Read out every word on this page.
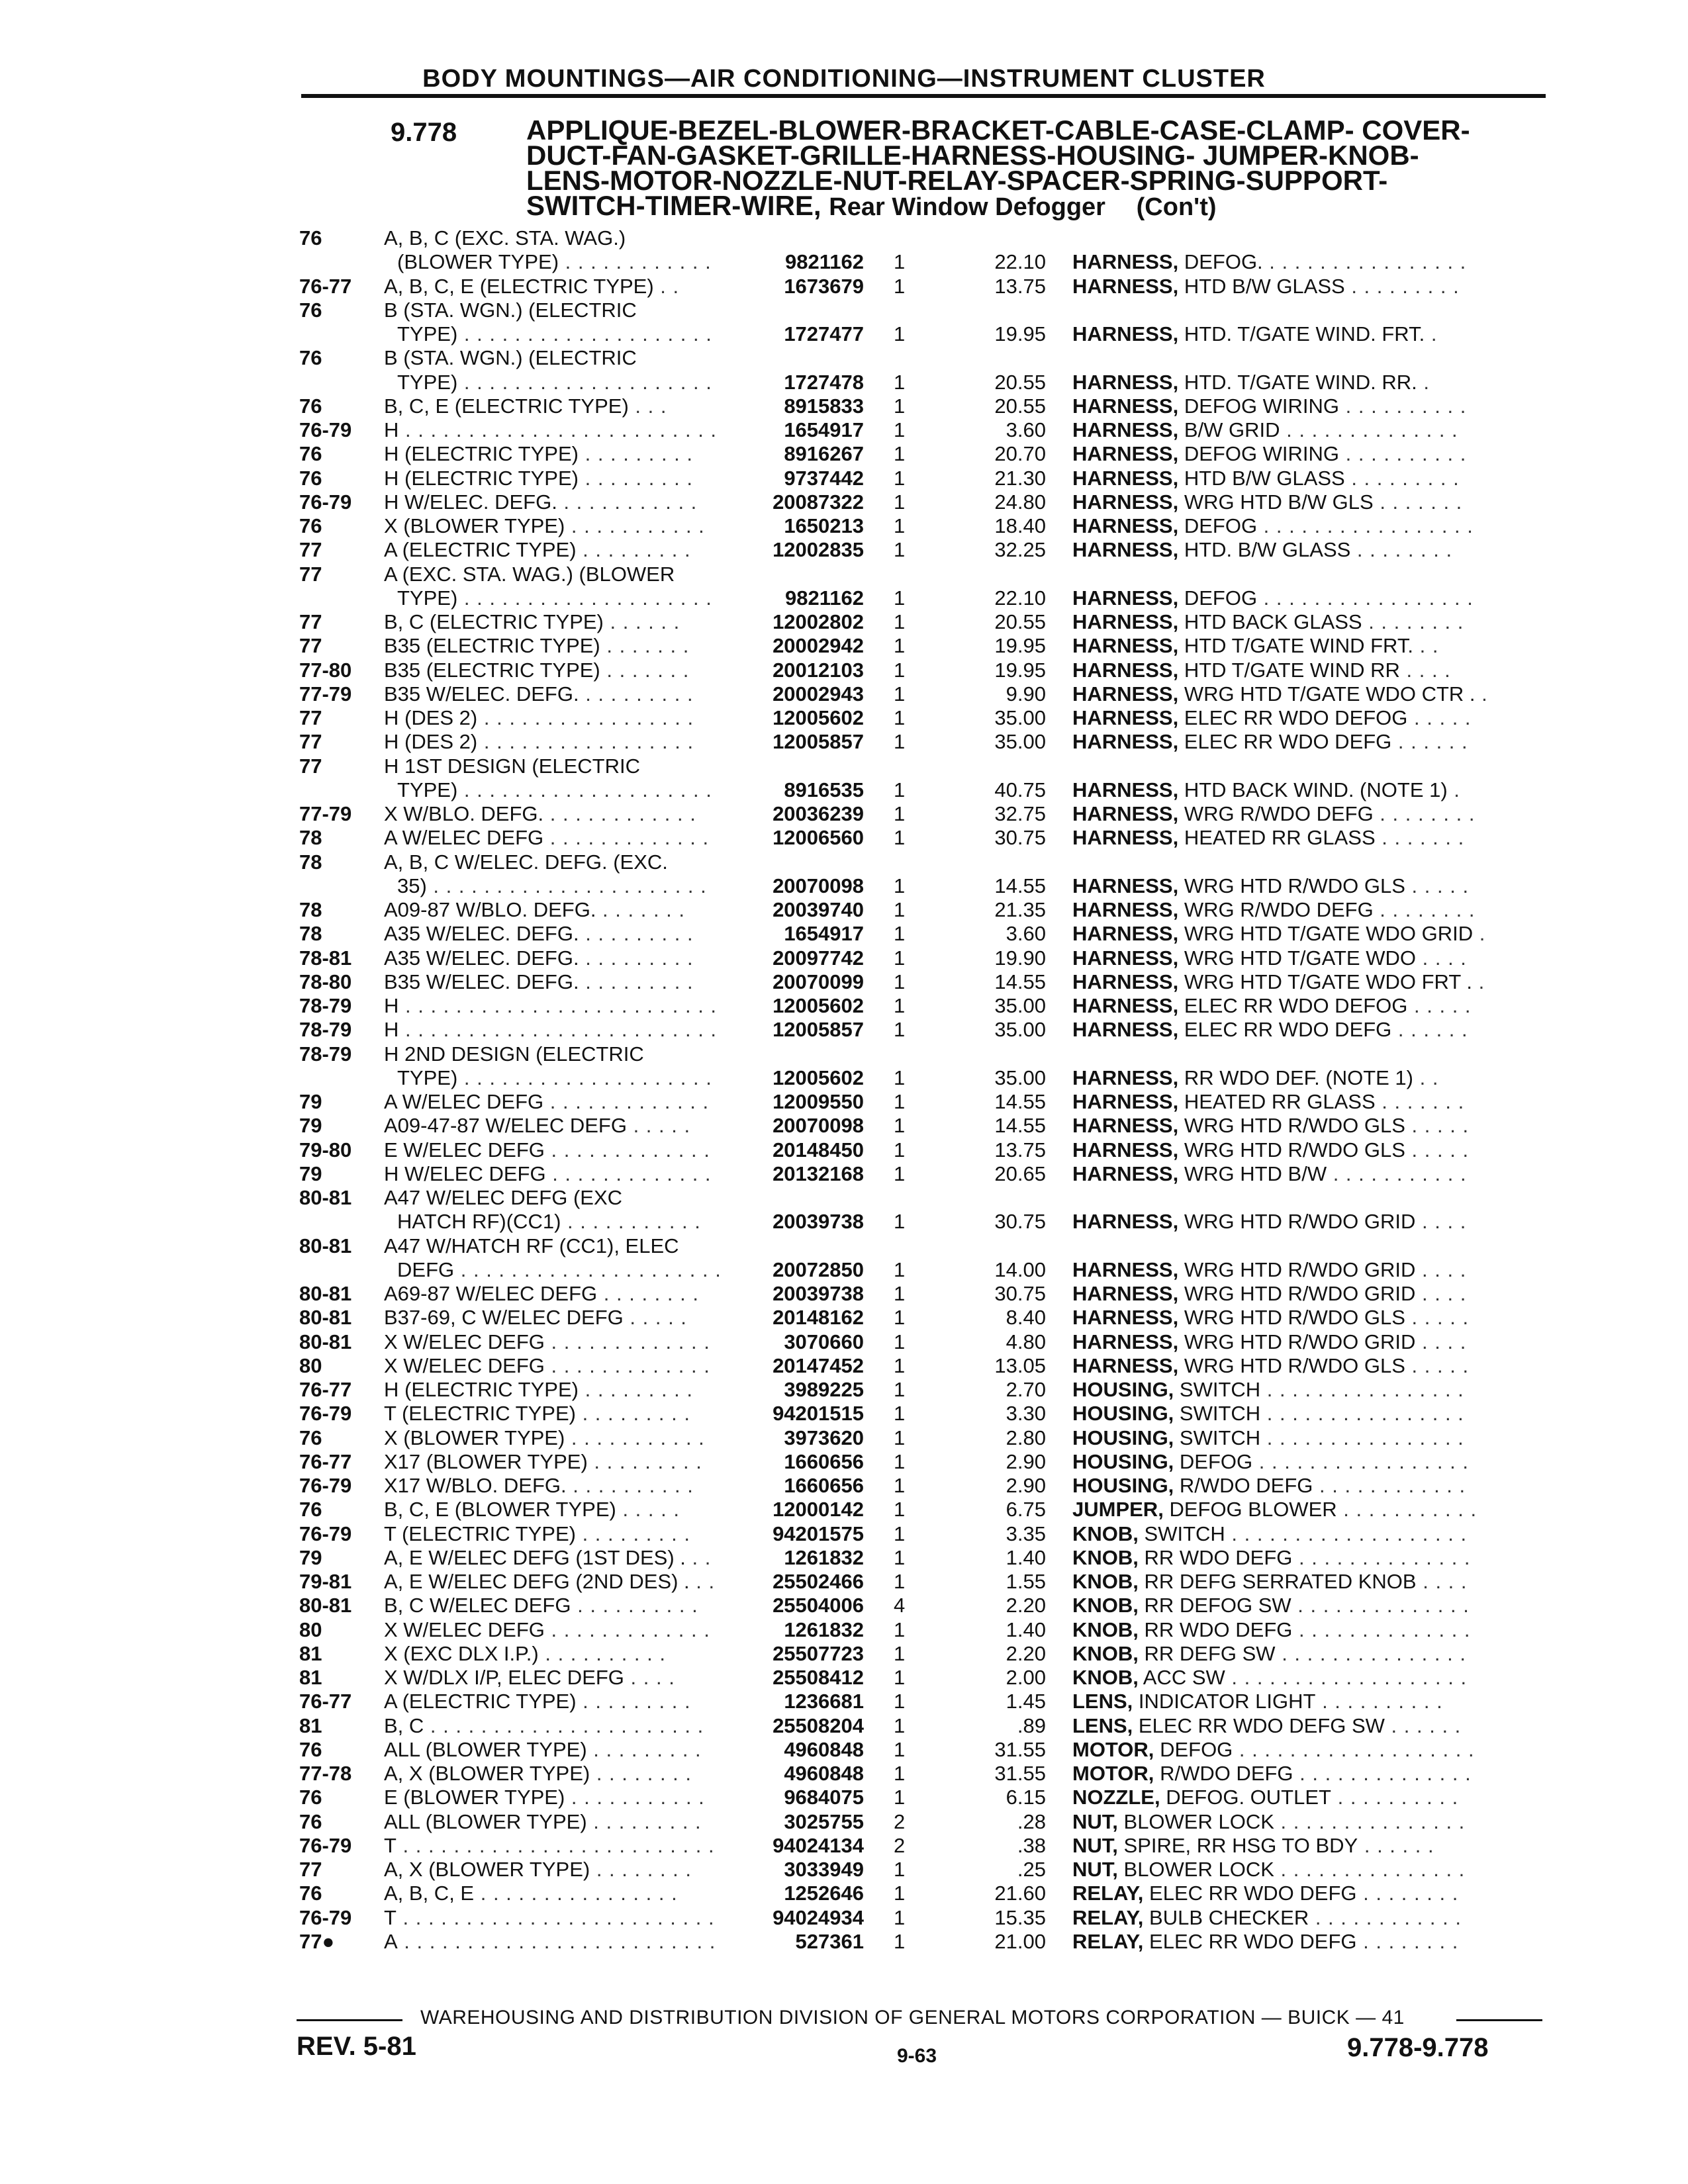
BODY MOUNTINGS—AIR CONDITIONING—INSTRUMENT CLUSTER
9.778 APPLIQUE-BEZEL-BLOWER-BRACKET-CABLE-CASE-CLAMP- COVER-
DUCT-FAN-GASKET-GRILLE-HARNESS-HOUSING- JUMPER-KNOB-
LENS-MOTOR-NOZZLE-NUT-RELAY-SPACER-SPRING-SUPPORT-
SWITCH-TIMER-WIRE, Rear Window Defogger (Con't)
76	A, B, C (EXC. STA. WAG.)
(BLOWER TYPE) . . . . . . . . . . . .	9821162 1	22.10 HARNESS, DEFOG. . . . . . . . . . . . . . . . .
76-77 A, B, C, E (ELECTRIC TYPE) . .	1673679 1	13.75 HARNESS, HTD B/W GLASS . . . . . . . . .
76	B (STA. WGN.) (ELECTRIC
TYPE) . . . . . . . . . . . . . . . . . . . .	1727477 1	19.95 HARNESS, HTD. T/GATE WIND. FRT. .
76	B (STA. WGN.) (ELECTRIC
TYPE) . . . . . . . . . . . . . . . . . . . .	1727478 1	20.55 HARNESS, HTD. T/GATE WIND. RR. .
76	B, C, E (ELECTRIC TYPE) . . .	8915833 1	20.55 HARNESS, DEFOG WIRING . . . . . . . . . .
76-79 H . . . . . . . . . . . . . . . . . . . . . . . . .	1654917 1	3.60 HARNESS, B/W GRID . . . . . . . . . . . . . .
76	H (ELECTRIC TYPE) . . . . . . . . .	8916267 1	20.70 HARNESS, DEFOG WIRING . . . . . . . . . .
76	H (ELECTRIC TYPE) . . . . . . . . .	9737442 1	21.30 HARNESS, HTD B/W GLASS . . . . . . . . .
76-79 H W/ELEC. DEFG. . . . . . . . . . . .	20087322 1	24.80 HARNESS, WRG HTD B/W GLS . . . . . . .
76	X (BLOWER TYPE) . . . . . . . . . . .	1650213 1	18.40 HARNESS, DEFOG . . . . . . . . . . . . . . . . .
77	A (ELECTRIC TYPE) . . . . . . . . .	12002835 1	32.25 HARNESS, HTD. B/W GLASS . . . . . . . .
77	A (EXC. STA. WAG.) (BLOWER
TYPE) . . . . . . . . . . . . . . . . . . . .	9821162 1	22.10 HARNESS, DEFOG . . . . . . . . . . . . . . . . .
77	B, C (ELECTRIC TYPE) . . . . . .	12002802 1	20.55 HARNESS, HTD BACK GLASS . . . . . . . .
77	B35 (ELECTRIC TYPE) . . . . . . .	20002942 1	19.95 HARNESS, HTD T/GATE WIND FRT. . .
77-80 B35 (ELECTRIC TYPE) . . . . . . .	20012103 1	19.95 HARNESS, HTD T/GATE WIND RR . . . .
77-79 B35 W/ELEC. DEFG. . . . . . . . . .	20002943 1	9.90 HARNESS, WRG HTD T/GATE WDO CTR . .
77	H (DES 2) . . . . . . . . . . . . . . . . .	12005602 1	35.00 HARNESS, ELEC RR WDO DEFOG . . . . .
77	H (DES 2) . . . . . . . . . . . . . . . . .	12005857 1	35.00 HARNESS, ELEC RR WDO DEFG . . . . . .
77	H 1ST DESIGN (ELECTRIC
TYPE) . . . . . . . . . . . . . . . . . . . .	8916535 1	40.75 HARNESS, HTD BACK WIND. (NOTE 1) .
77-79 X W/BLO. DEFG. . . . . . . . . . . . .	20036239 1	32.75 HARNESS, WRG R/WDO DEFG . . . . . . . .
78	A W/ELEC DEFG . . . . . . . . . . . . .	12006560 1	30.75 HARNESS, HEATED RR GLASS . . . . . . .
78	A, B, C W/ELEC. DEFG. (EXC.
35) . . . . . . . . . . . . . . . . . . . . . .	20070098 1	14.55 HARNESS, WRG HTD R/WDO GLS . . . . .
78	A09-87 W/BLO. DEFG. . . . . . . .	20039740 1	21.35 HARNESS, WRG R/WDO DEFG . . . . . . . .
78	A35 W/ELEC. DEFG. . . . . . . . . .	1654917 1	3.60 HARNESS, WRG HTD T/GATE WDO GRID .
78-81 A35 W/ELEC. DEFG. . . . . . . . . .	20097742 1	19.90 HARNESS, WRG HTD T/GATE WDO . . . .
78-80 B35 W/ELEC. DEFG. . . . . . . . . .	20070099 1	14.55 HARNESS, WRG HTD T/GATE WDO FRT . .
78-79 H . . . . . . . . . . . . . . . . . . . . . . . . .	12005602 1	35.00 HARNESS, ELEC RR WDO DEFOG . . . . .
78-79 H . . . . . . . . . . . . . . . . . . . . . . . . .	12005857 1	35.00 HARNESS, ELEC RR WDO DEFG . . . . . .
78-79 H 2ND DESIGN (ELECTRIC
TYPE) . . . . . . . . . . . . . . . . . . . .	12005602 1	35.00 HARNESS, RR WDO DEF. (NOTE 1) . .
79	A W/ELEC DEFG . . . . . . . . . . . . .	12009550 1	14.55 HARNESS, HEATED RR GLASS . . . . . . .
79	A09-47-87 W/ELEC DEFG . . . . .	20070098 1	14.55 HARNESS, WRG HTD R/WDO GLS . . . . .
79-80 E W/ELEC DEFG . . . . . . . . . . . . .	20148450 1	13.75 HARNESS, WRG HTD R/WDO GLS . . . . .
79	H W/ELEC DEFG . . . . . . . . . . . . .	20132168 1	20.65 HARNESS, WRG HTD B/W . . . . . . . . . . .
80-81 A47 W/ELEC DEFG (EXC
HATCH RF)(CC1) . . . . . . . . . . .	20039738 1	30.75 HARNESS, WRG HTD R/WDO GRID . . . .
80-81 A47 W/HATCH RF (CC1), ELEC
DEFG . . . . . . . . . . . . . . . . . . . . . 20072850 1	14.00 HARNESS, WRG HTD R/WDO GRID . . . .
80-81 A69-87 W/ELEC DEFG . . . . . . . .	20039738 1	30.75 HARNESS, WRG HTD R/WDO GRID . . . .
80-81 B37-69, C W/ELEC DEFG . . . . .	20148162 1	8.40 HARNESS, WRG HTD R/WDO GLS . . . . .
80-81 X W/ELEC DEFG . . . . . . . . . . . . .	3070660 1	4.80 HARNESS, WRG HTD R/WDO GRID . . . .
80	X W/ELEC DEFG . . . . . . . . . . . . .	20147452 1	13.05 HARNESS, WRG HTD R/WDO GLS . . . . .
76-77 H (ELECTRIC TYPE) . . . . . . . . .	3989225 1	2.70 HOUSING, SWITCH . . . . . . . . . . . . . . . .
76-79 T (ELECTRIC TYPE) . . . . . . . . .	94201515 1	3.30 HOUSING, SWITCH . . . . . . . . . . . . . . . .
76	X (BLOWER TYPE) . . . . . . . . . . .	3973620 1	2.80 HOUSING, SWITCH . . . . . . . . . . . . . . . .
76-77 X17 (BLOWER TYPE) . . . . . . . . .	1660656 1	2.90 HOUSING, DEFOG . . . . . . . . . . . . . . . . .
76-79 X17 W/BLO. DEFG. . . . . . . . . . .	1660656 1	2.90 HOUSING, R/WDO DEFG . . . . . . . . . . . .
76	B, C, E (BLOWER TYPE) . . . . .	12000142 1	6.75 JUMPER, DEFOG BLOWER . . . . . . . . . . .
76-79 T (ELECTRIC TYPE) . . . . . . . . .	94201575 1	3.35 KNOB, SWITCH . . . . . . . . . . . . . . . . . . .
79	A, E W/ELEC DEFG (1ST DES) . . .	1261832 1	1.40 KNOB, RR WDO DEFG . . . . . . . . . . . . . .
79-81 A, E W/ELEC DEFG (2ND DES) . . .	25502466 1	1.55 KNOB, RR DEFG SERRATED KNOB . . . .
80-81 B, C W/ELEC DEFG . . . . . . . . . .	25504006 4	2.20 KNOB, RR DEFOG SW . . . . . . . . . . . . . .
80	X W/ELEC DEFG . . . . . . . . . . . . .	1261832 1	1.40 KNOB, RR WDO DEFG . . . . . . . . . . . . . .
81	X (EXC DLX I.P.) . . . . . . . . . .	25507723 1	2.20 KNOB, RR DEFG SW . . . . . . . . . . . . . . .
81	X W/DLX I/P, ELEC DEFG . . . .	25508412 1	2.00 KNOB, ACC SW . . . . . . . . . . . . . . . . . . .
76-77 A (ELECTRIC TYPE) . . . . . . . . .	1236681 1	1.45 LENS, INDICATOR LIGHT . . . . . . . . . .
81	B, C . . . . . . . . . . . . . . . . . . . . . .	25508204 1	.89 LENS, ELEC RR WDO DEFG SW . . . . . .
76	ALL (BLOWER TYPE) . . . . . . . . .	4960848 1	31.55 MOTOR, DEFOG . . . . . . . . . . . . . . . . . . .
77-78 A, X (BLOWER TYPE) . . . . . . . .	4960848 1	31.55 MOTOR, R/WDO DEFG . . . . . . . . . . . . . .
76	E (BLOWER TYPE) . . . . . . . . . . .	9684075 1	6.15 NOZZLE, DEFOG. OUTLET . . . . . . . . . .
76	ALL (BLOWER TYPE) . . . . . . . . .	3025755 2	.28 NUT, BLOWER LOCK . . . . . . . . . . . . . . .
76-79 T . . . . . . . . . . . . . . . . . . . . . . . . .	94024134 2	.38 NUT, SPIRE, RR HSG TO BDY . . . . . .
77	A, X (BLOWER TYPE) . . . . . . . .	3033949 1	.25 NUT, BLOWER LOCK . . . . . . . . . . . . . . .
76	A, B, C, E . . . . . . . . . . . . . . . .	1252646 1	21.60 RELAY, ELEC RR WDO DEFG . . . . . . . .
76-79 T . . . . . . . . . . . . . . . . . . . . . . . . .	94024934 1	15.35 RELAY, BULB CHECKER . . . . . . . . . . . .
77● A . . . . . . . . . . . . . . . . . . . . . . . . .	527361 1	21.00 RELAY, ELEC RR WDO DEFG . . . . . . . .
WAREHOUSING AND DISTRIBUTION DIVISION OF GENERAL MOTORS CORPORATION — BUICK — 41
REV. 5-81	9-63	9.778-9.778
